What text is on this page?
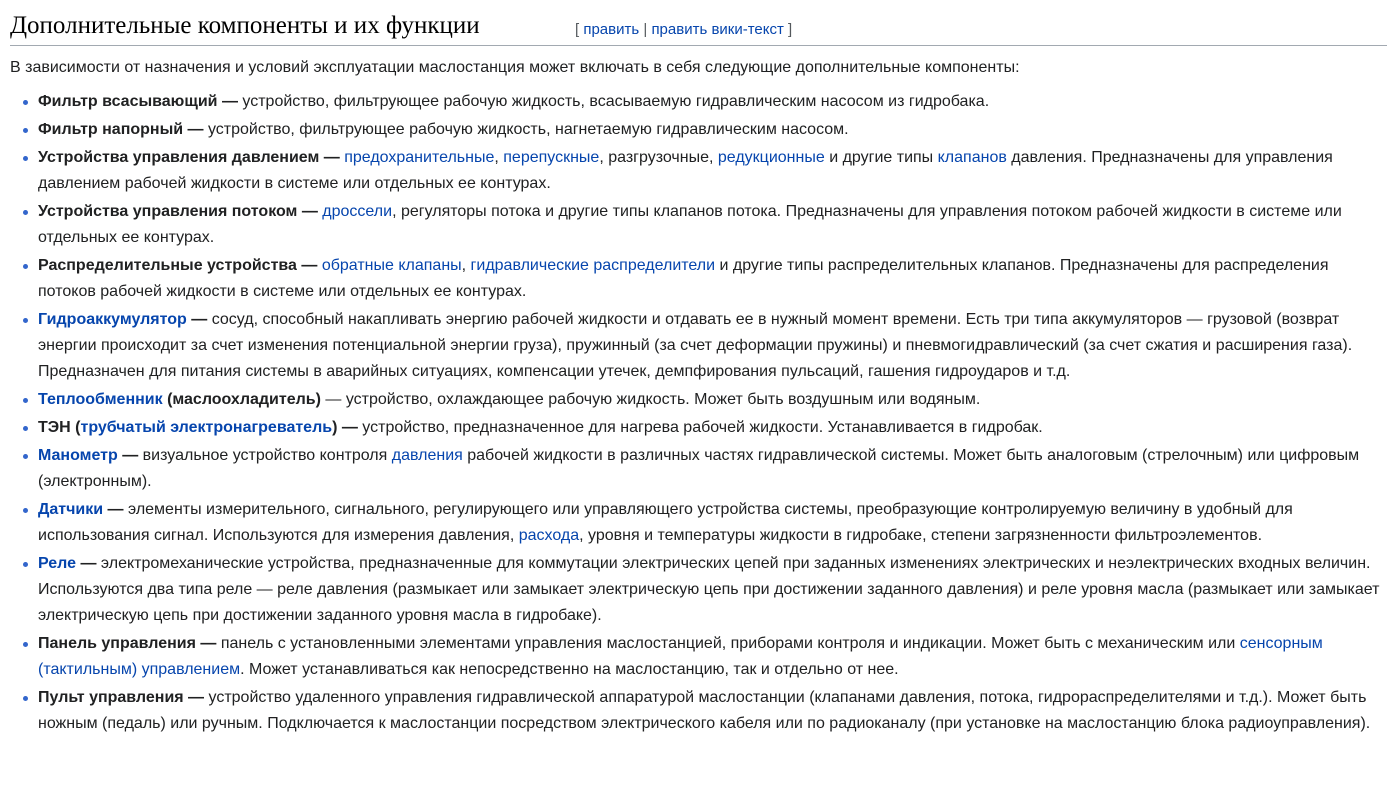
Дополнительные компоненты и их функции	[ править | править вики-текст ]

В зависимости от назначения и условий эксплуатации маслостанция может включать в себя следующие дополнительные компоненты:

Фильтр всасывающий — устройство, фильтрующее рабочую жидкость, всасываемую гидравлическим насосом из гидробака.
Фильтр напорный — устройство, фильтрующее рабочую жидкость, нагнетаемую гидравлическим насосом.
Устройства управления давлением — предохранительные, перепускные, разгрузочные, редукционные и другие типы клапанов давления. Предназначены для управления давлением рабочей жидкости в системе или отдельных ее контурах.
Устройства управления потоком — дроссели, регуляторы потока и другие типы клапанов потока. Предназначены для управления потоком рабочей жидкости в системе или отдельных ее контурах.
Распределительные устройства — обратные клапаны, гидравлические распределители и другие типы распределительных клапанов. Предназначены для распределения потоков рабочей жидкости в системе или отдельных ее контурах.
Гидроаккумулятор — сосуд, способный накапливать энергию рабочей жидкости и отдавать ее в нужный момент времени. Есть три типа аккумуляторов — грузовой (возврат энергии происходит за счет изменения потенциальной энергии груза), пружинный (за счет деформации пружины) и пневмогидравлический (за счет сжатия и расширения газа). Предназначен для питания системы в аварийных ситуациях, компенсации утечек, демпфирования пульсаций, гашения гидроударов и т.д.
Теплообменник (маслоохладитель) — устройство, охлаждающее рабочую жидкость. Может быть воздушным или водяным.
ТЭН (трубчатый электронагреватель) — устройство, предназначенное для нагрева рабочей жидкости. Устанавливается в гидробак.
Манометр — визуальное устройство контроля давления рабочей жидкости в различных частях гидравлической системы. Может быть аналоговым (стрелочным) или цифровым (электронным).
Датчики — элементы измерительного, сигнального, регулирующего или управляющего устройства системы, преобразующие контролируемую величину в удобный для использования сигнал. Используются для измерения давления, расхода, уровня и температуры жидкости в гидробаке, степени загрязненности фильтроэлементов.
Реле — электромеханические устройства, предназначенные для коммутации электрических цепей при заданных изменениях электрических и неэлектрических входных величин. Используются два типа реле — реле давления (размыкает или замыкает электрическую цепь при достижении заданного давления) и реле уровня масла (размыкает или замыкает электрическую цепь при достижении заданного уровня масла в гидробаке).
Панель управления — панель с установленными элементами управления маслостанцией, приборами контроля и индикации. Может быть с механическим или сенсорным (тактильным) управлением. Может устанавливаться как непосредственно на маслостанцию, так и отдельно от нее.
Пульт управления — устройство удаленного управления гидравлической аппаратурой маслостанции (клапанами давления, потока, гидрораспределителями и т.д.). Может быть ножным (педаль) или ручным. Подключается к маслостанции посредством электрического кабеля или по радиоканалу (при установке на маслостанцию блока радиоуправления).
